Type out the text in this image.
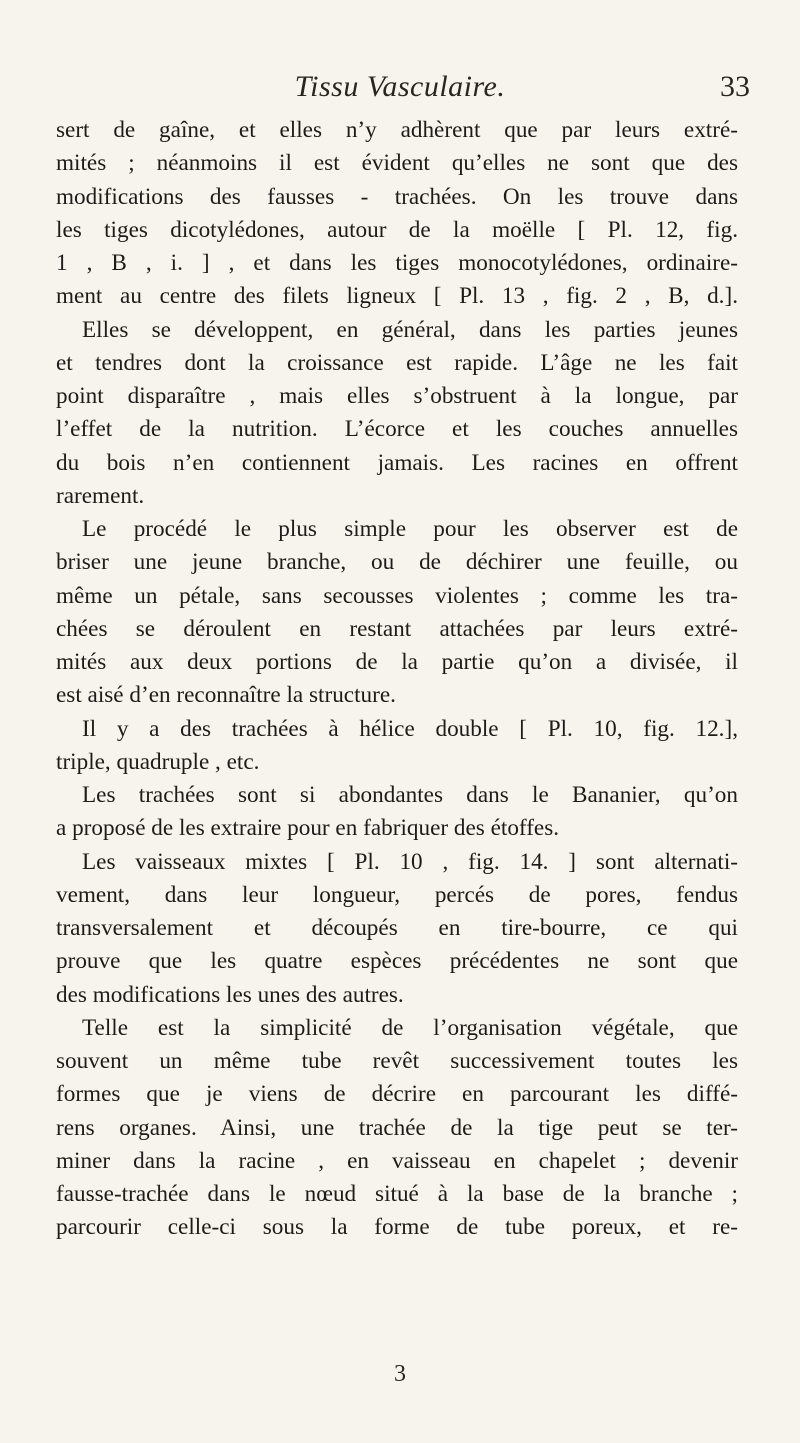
Tissu Vasculaire.	33
sert de gaîne, et elles n’y adhèrent que par leurs extré-
mités ; néanmoins il est évident qu’elles ne sont que des
modifications des fausses - trachées. On les trouve dans
les tiges dicotylédones, autour de la moëlle [ Pl. 12, fig.
1 , B , i. ] , et dans les tiges monocotylédones, ordinaire-
ment au centre des filets ligneux [ Pl. 13 , fig. 2 , B, d.].
Elles se développent, en général, dans les parties jeunes
et tendres dont la croissance est rapide. L’âge ne les fait
point disparaître , mais elles s’obstruent à la longue, par
l’effet de la nutrition. L’écorce et les couches annuelles
du bois n’en contiennent jamais. Les racines en offrent
rarement.
Le procédé le plus simple pour les observer est de
briser une jeune branche, ou de déchirer une feuille, ou
même un pétale, sans secousses violentes ; comme les tra-
chées se déroulent en restant attachées par leurs extré-
mités aux deux portions de la partie qu’on a divisée, il
est aisé d’en reconnaître la structure.
Il y a des trachées à hélice double [ Pl. 10, fig. 12.],
triple, quadruple , etc.
Les trachées sont si abondantes dans le Bananier, qu’on
a proposé de les extraire pour en fabriquer des étoffes.
Les vaisseaux mixtes [ Pl. 10 , fig. 14. ] sont alternati-
vement, dans leur longueur, percés de pores, fendus
transversalement et découpés en tire-bourre, ce qui
prouve que les quatre espèces précédentes ne sont que
des modifications les unes des autres.
Telle est la simplicité de l’organisation végétale, que
souvent un même tube revêt successivement toutes les
formes que je viens de décrire en parcourant les diffé-
rens organes. Ainsi, une trachée de la tige peut se ter-
miner dans la racine , en vaisseau en chapelet ; devenir
fausse-trachée dans le nœud situé à la base de la branche ;
parcourir celle-ci sous la forme de tube poreux, et re-
3
